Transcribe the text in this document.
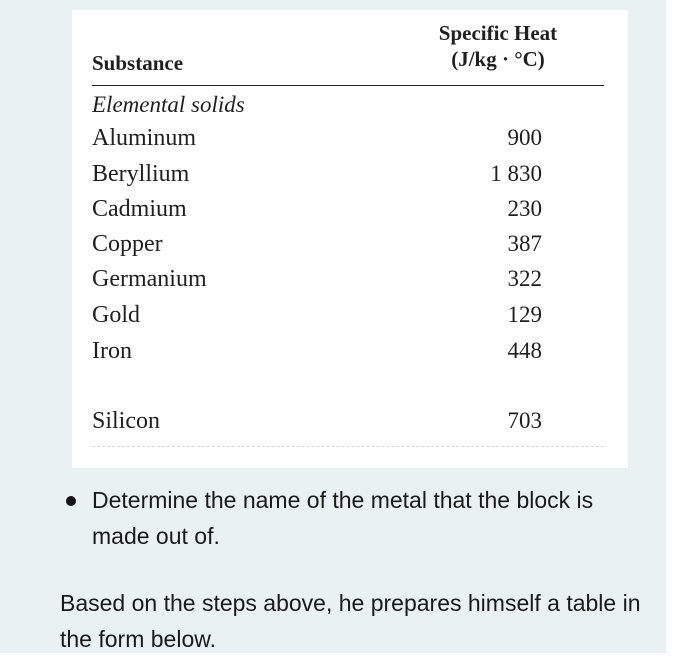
Substance
Specific Heat
(J/kg · °C)
Elemental solids
Aluminum	900
Beryllium	1 830
Cadmium	230
Copper	387
Germanium	322
Gold	129
Iron	448
Silicon	703
Determine the name of the metal that the block is made out of.
Based on the steps above, he prepares himself a table in the form below.
